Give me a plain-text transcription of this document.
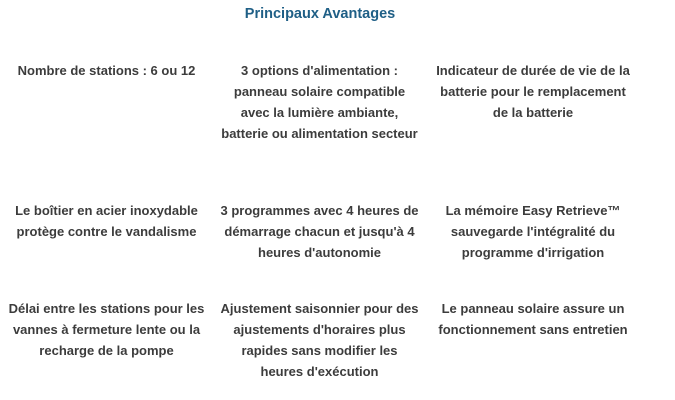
Principaux Avantages
Nombre de stations : 6 ou 12	3 options d'alimentation : panneau solaire compatible avec la lumière ambiante, batterie ou alimentation secteur
Indicateur de durée de vie de la batterie pour le remplacement de la batterie
Le boîtier en acier inoxydable protège contre le vandalisme
3 programmes avec 4 heures de démarrage chacun et jusqu'à 4 heures d'autonomie
La mémoire Easy Retrieve™ sauvegarde l'intégralité du programme d'irrigation
Délai entre les stations pour les vannes à fermeture lente ou la recharge de la pompe
Ajustement saisonnier pour des ajustements d'horaires plus rapides sans modifier les heures d'exécution
Le panneau solaire assure un fonctionnement sans entretien
